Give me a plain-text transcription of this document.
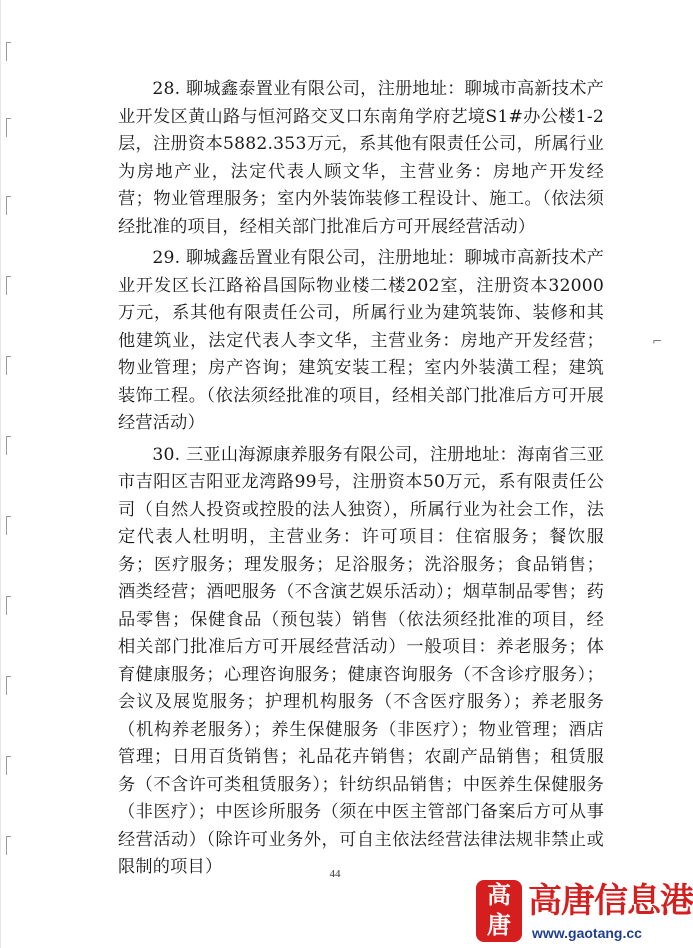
⌐

28. 聊城鑫泰置业有限公司，注册地址：聊城市高新技术产业开发区黄山路与恒河路交叉口东南角学府艺境S1#办公楼1-2层，注册资本5882.353万元，系其他有限责任公司，所属行业为房地产业，法定代表人顾文华，主营业务：房地产开发经营；物业管理服务；室内外装饰装修工程设计、施工。（依法须经批准的项目，经相关部门批准后方可开展经营活动）

29. 聊城鑫岳置业有限公司，注册地址：聊城市高新技术产业开发区长江路裕昌国际物业楼二楼202室，注册资本32000万元，系其他有限责任公司，所属行业为建筑装饰、装修和其他建筑业，法定代表人李文华，主营业务：房地产开发经营；物业管理；房产咨询；建筑安装工程；室内外装潢工程；建筑装饰工程。（依法须经批准的项目，经相关部门批准后方可开展经营活动）

30. 三亚山海源康养服务有限公司，注册地址：海南省三亚市吉阳区吉阳亚龙湾路99号，注册资本50万元，系有限责任公司（自然人投资或控股的法人独资），所属行业为社会工作，法定代表人杜明明，主营业务：许可项目：住宿服务；餐饮服务；医疗服务；理发服务；足浴服务；洗浴服务；食品销售；酒类经营；酒吧服务（不含演艺娱乐活动）；烟草制品零售；药品零售；保健食品（预包装）销售（依法须经批准的项目，经相关部门批准后方可开展经营活动）一般项目：养老服务；体育健康服务；心理咨询服务；健康咨询服务（不含诊疗服务）；会议及展览服务；护理机构服务（不含医疗服务）；养老服务（机构养老服务）；养生保健服务（非医疗）；物业管理；酒店管理；日用百货销售；礼品花卉销售；农副产品销售；租赁服务（不含许可类租赁服务）；针纺织品销售；中医养生保健服务（非医疗）；中医诊所服务（须在中医主管部门备案后方可从事经营活动）（除许可业务外，可自主依法经营法律法规非禁止或限制的项目）	44
高唐
高唐信息港
www.gaotang.cc
